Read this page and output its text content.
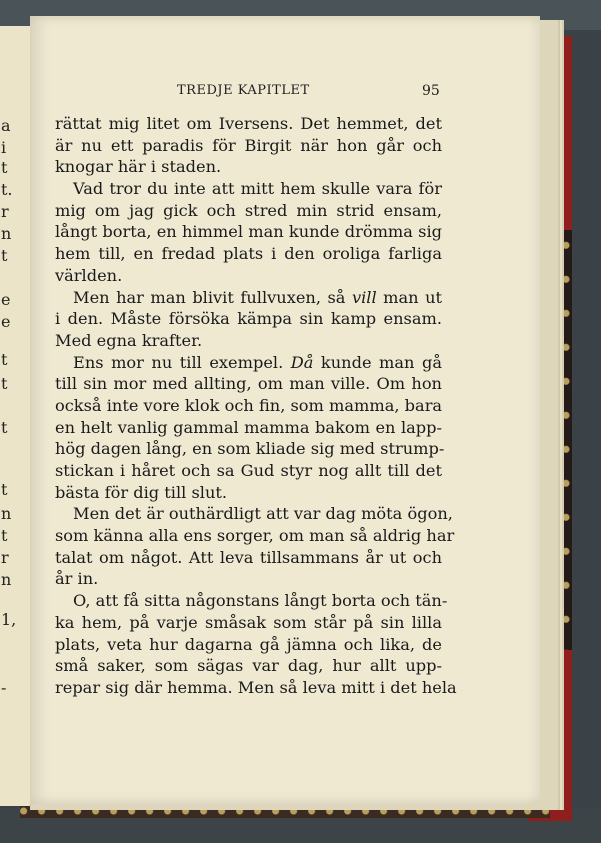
a
i
t
t.
r
n
t
e
e
t
t
t
t
n
t
r
n
1,
-
TREDJE KAPITLET	95
rättat mig litet om Iversens. Det hemmet, det
är nu ett paradis för Birgit när hon går och
knogar här i staden.
Vad tror du inte att mitt hem skulle vara för
mig om jag gick och stred min strid ensam,
långt borta, en himmel man kunde drömma sig
hem till, en fredad plats i den oroliga farliga
världen.
Men har man blivit fullvuxen, så vill man ut
i den. Måste försöka kämpa sin kamp ensam.
Med egna krafter.
Ens mor nu till exempel. Då kunde man gå
till sin mor med allting, om man ville. Om hon
också inte vore klok och fin, som mamma, bara
en helt vanlig gammal mamma bakom en lapp-
hög dagen lång, en som kliade sig med strump-
stickan i håret och sa Gud styr nog allt till det
bästa för dig till slut.
Men det är outhärdligt att var dag möta ögon,
som känna alla ens sorger, om man så aldrig har
talat om något. Att leva tillsammans år ut och
år in.
O, att få sitta någonstans långt borta och tän-
ka hem, på varje småsak som står på sin lilla
plats, veta hur dagarna gå jämna och lika, de
små saker, som sägas var dag, hur allt upp-
repar sig där hemma. Men så leva mitt i det hela
